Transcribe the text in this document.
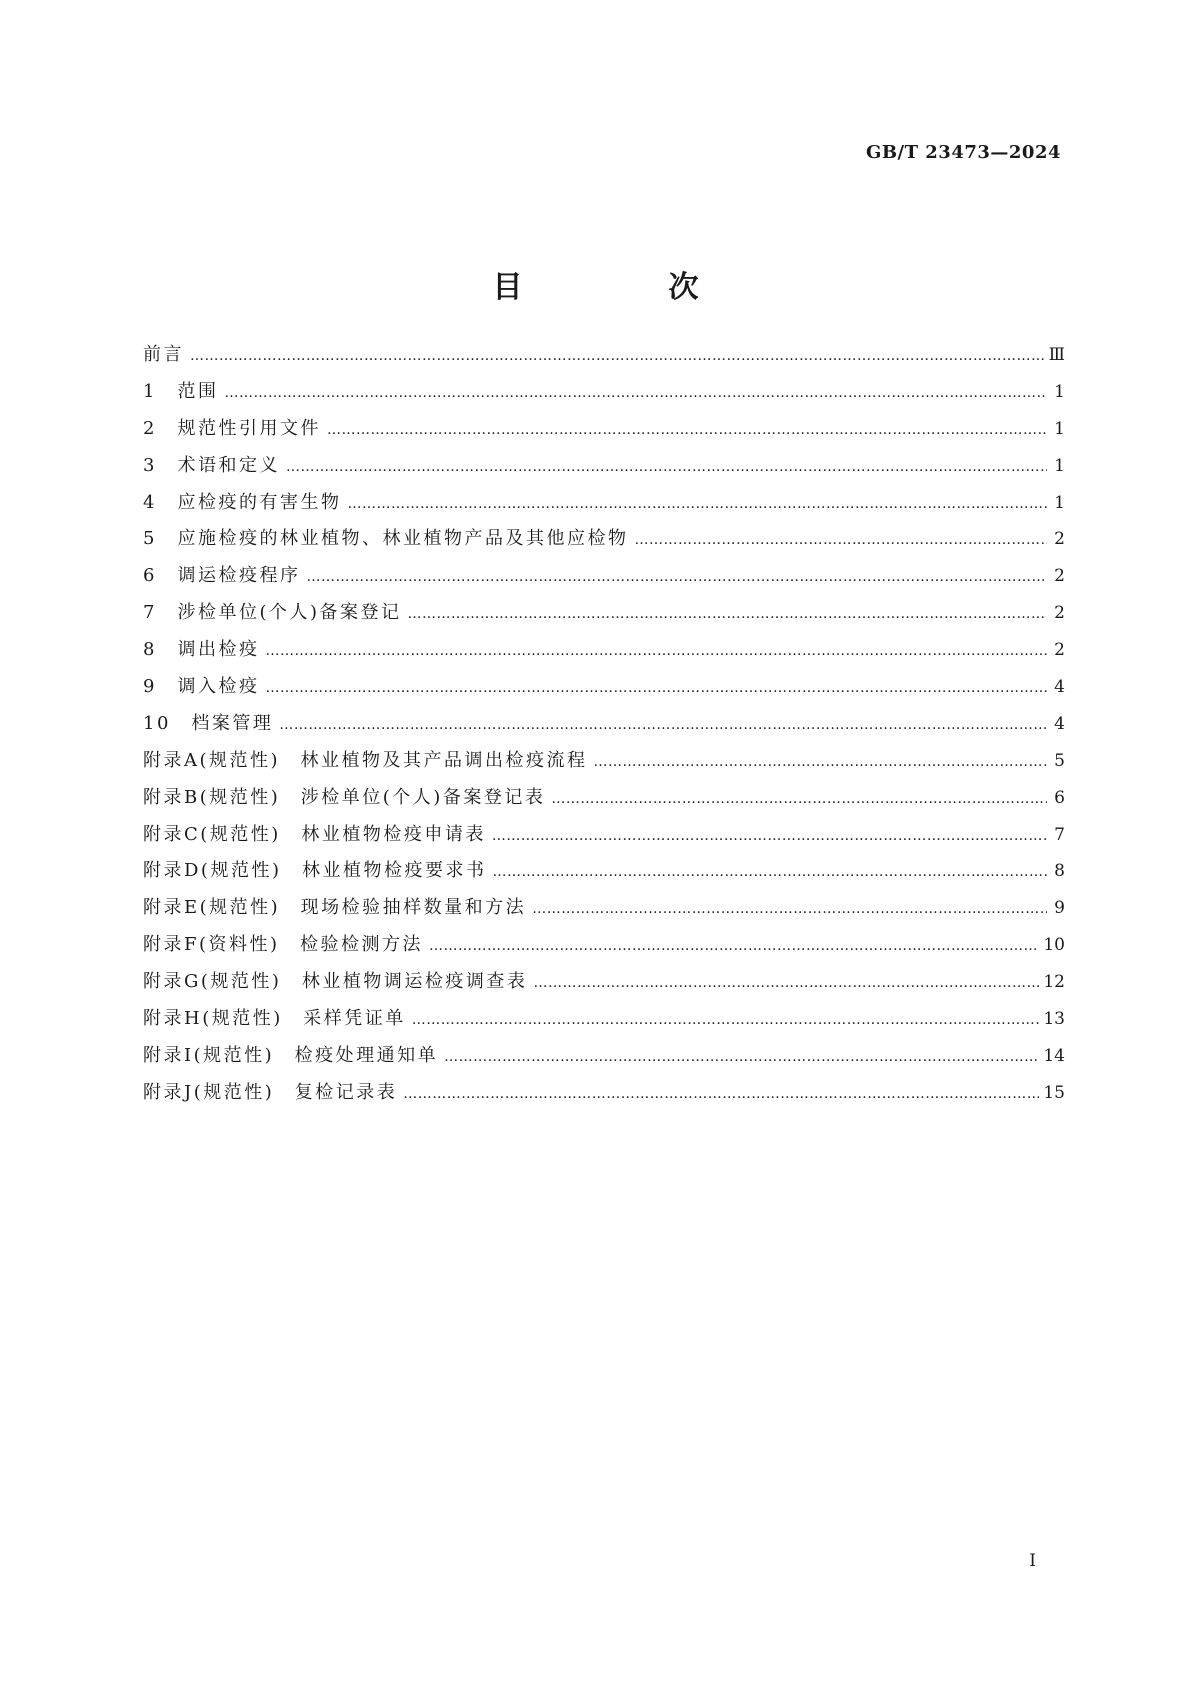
GB/T 23473—2024
目　次
前言 …………………………………………………………………………………………………………………………………………………………………………………………………………	Ⅲ
1　范围 …………………………………………………………………………………………………………………………………………………………………………………………………………	1
2　规范性引用文件 …………………………………………………………………………………………………………………………………………………………………………………………………………	1
3　术语和定义 …………………………………………………………………………………………………………………………………………………………………………………………………………	1
4　应检疫的有害生物 …………………………………………………………………………………………………………………………………………………………………………………………………………	1
5　应施检疫的林业植物、林业植物产品及其他应检物 …………………………………………………………………………………………………………………………………………………………………………………………………………	2
6　调运检疫程序 …………………………………………………………………………………………………………………………………………………………………………………………………………	2
7　涉检单位(个人)备案登记 …………………………………………………………………………………………………………………………………………………………………………………………………………	2
8　调出检疫 …………………………………………………………………………………………………………………………………………………………………………………………………………	2
9　调入检疫 …………………………………………………………………………………………………………………………………………………………………………………………………………	4
10　档案管理 …………………………………………………………………………………………………………………………………………………………………………………………………………	4
附录A(规范性)　林业植物及其产品调出检疫流程 …………………………………………………………………………………………………………………………………………………………………………………………………………	5
附录B(规范性)　涉检单位(个人)备案登记表 …………………………………………………………………………………………………………………………………………………………………………………………………………	6
附录C(规范性)　林业植物检疫申请表 …………………………………………………………………………………………………………………………………………………………………………………………………………	7
附录D(规范性)　林业植物检疫要求书 …………………………………………………………………………………………………………………………………………………………………………………………………………	8
附录E(规范性)　现场检验抽样数量和方法 …………………………………………………………………………………………………………………………………………………………………………………………………………	9
附录F(资料性)　检验检测方法 …………………………………………………………………………………………………………………………………………………………………………………………………………	10
附录G(规范性)　林业植物调运检疫调查表 …………………………………………………………………………………………………………………………………………………………………………………………………………	12
附录H(规范性)　采样凭证单 …………………………………………………………………………………………………………………………………………………………………………………………………………	13
附录I(规范性)　检疫处理通知单 …………………………………………………………………………………………………………………………………………………………………………………………………………	14
附录J(规范性)　复检记录表 …………………………………………………………………………………………………………………………………………………………………………………………………………	15
Ⅰ
